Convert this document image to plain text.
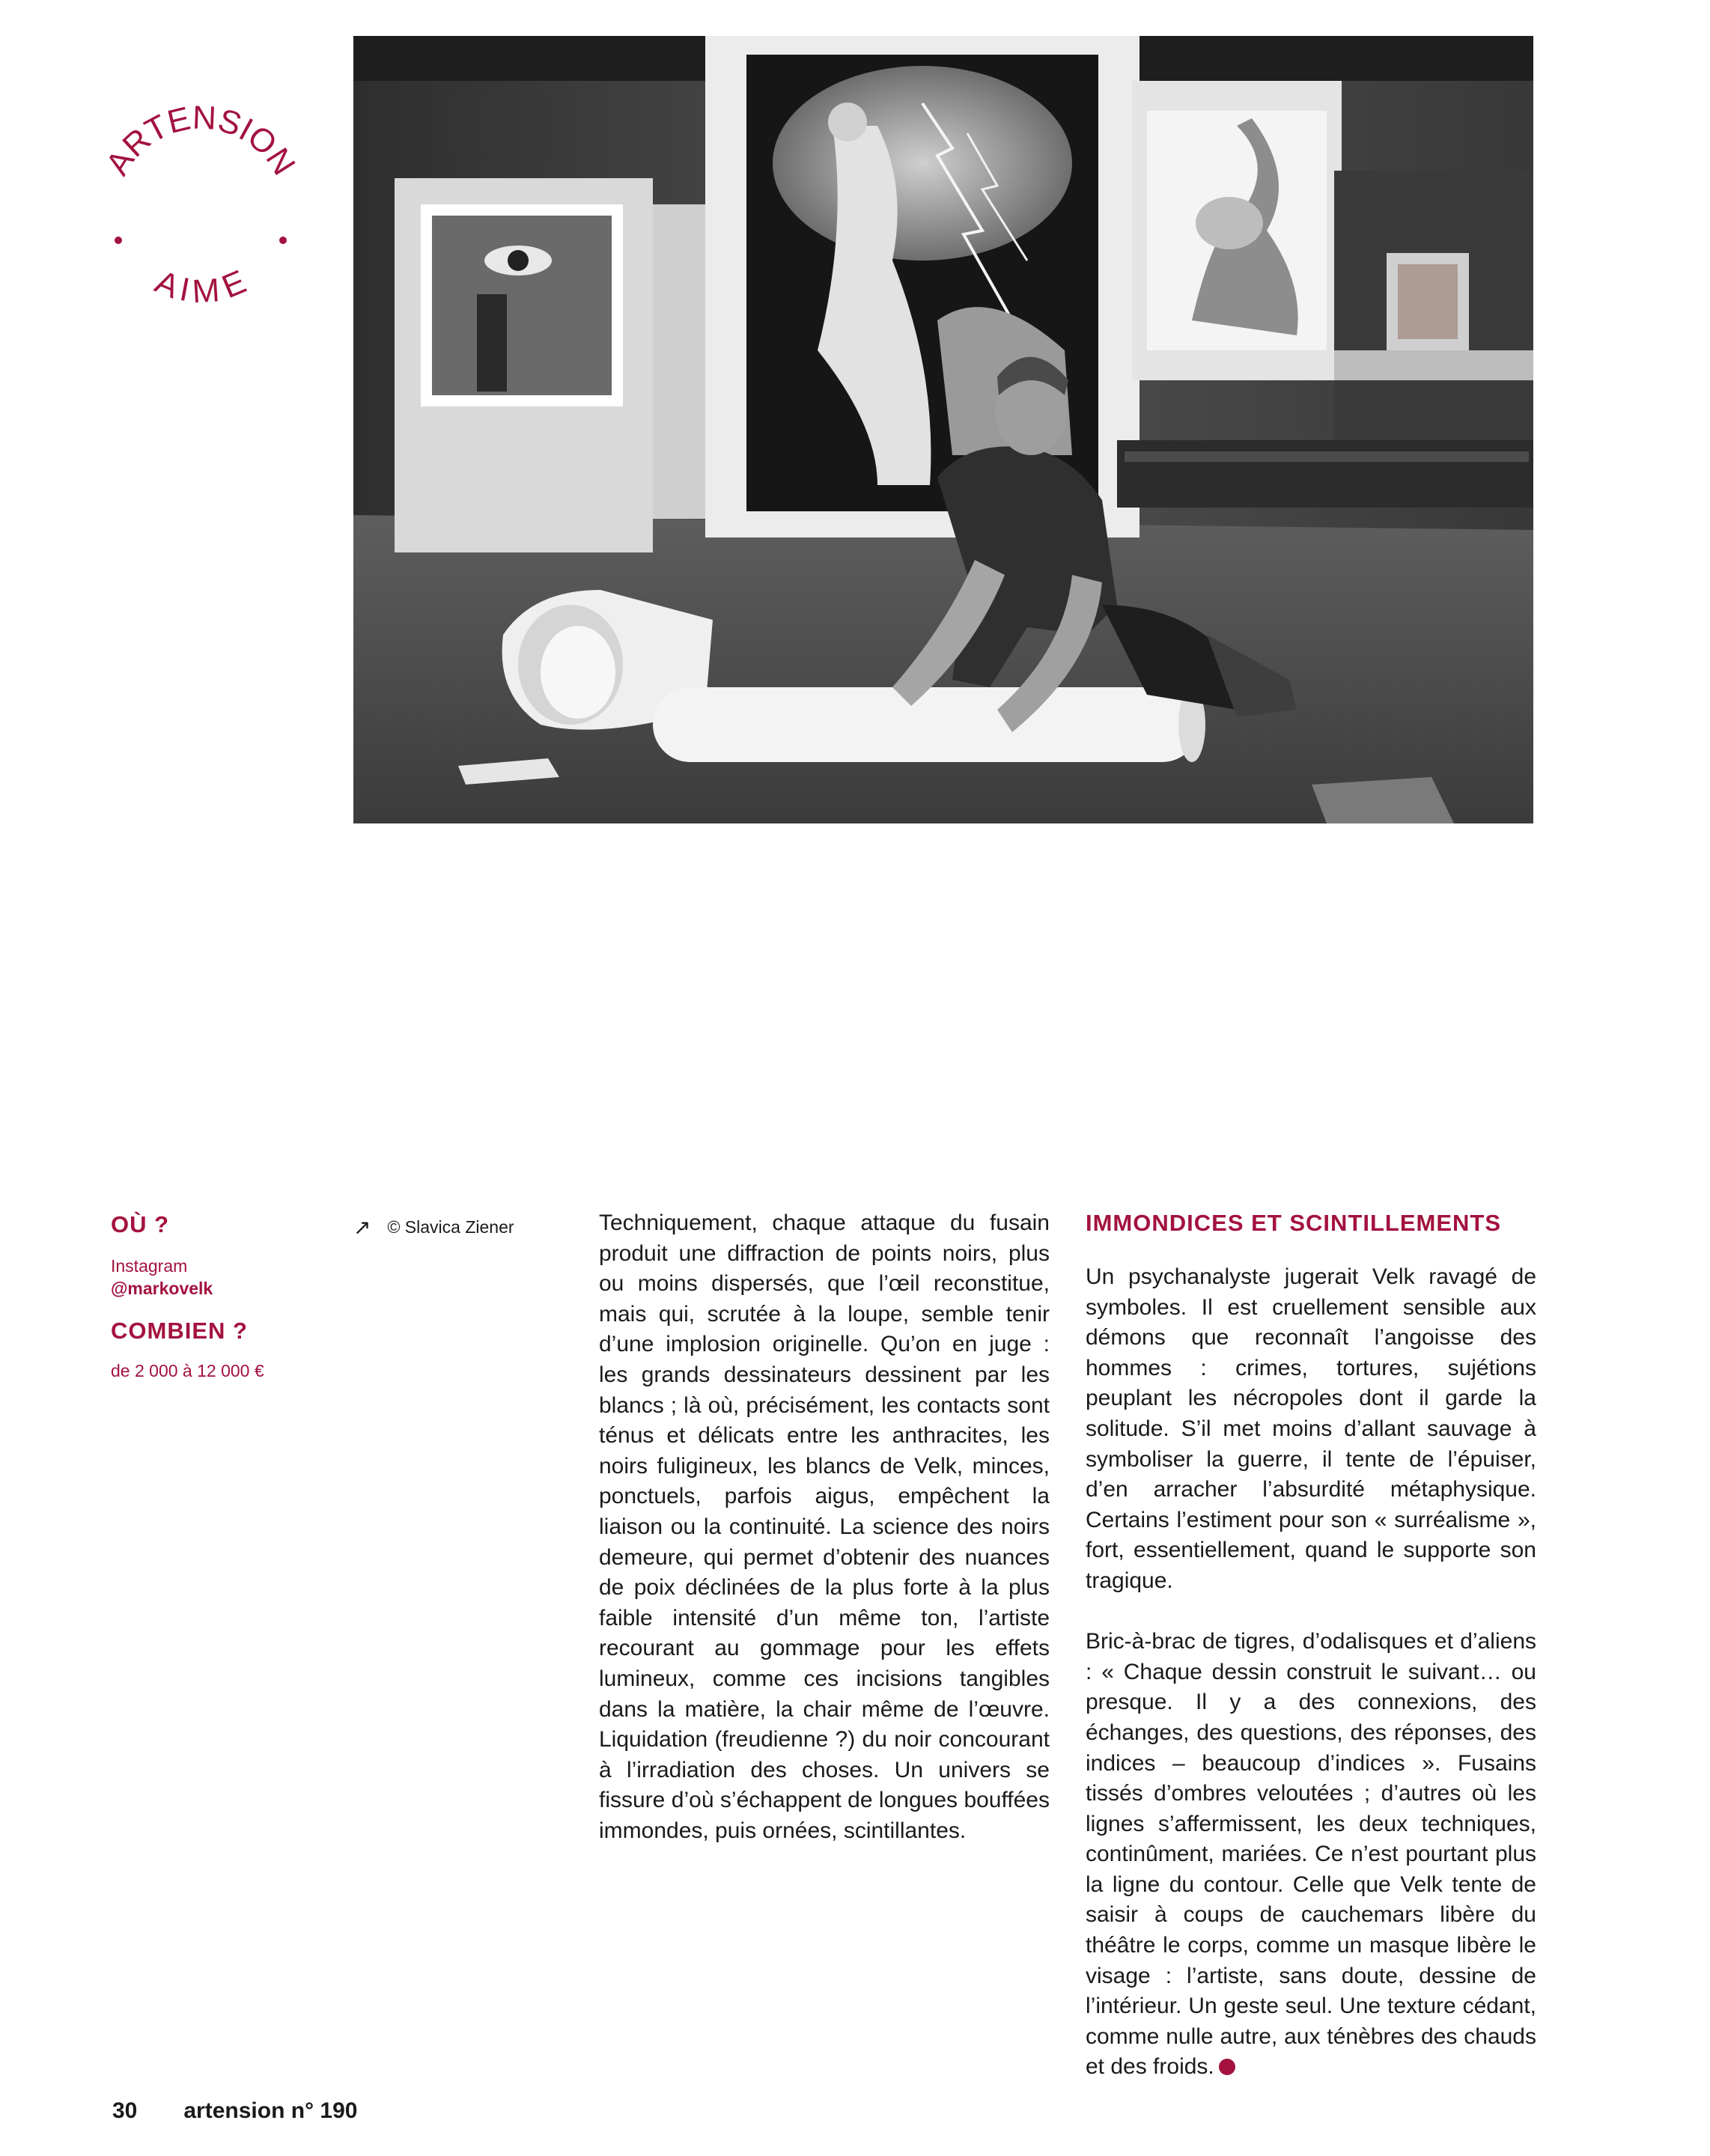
ARTENSION
AIME
OÙ ?

Instagram

@markovelk

COMBIEN ?

de 2 000 à 12 000 €

↗ © Slavica Ziener	Techniquement, chaque attaque du fusain produit une diffraction de points noirs, plus ou moins dispersés, que l’œil reconstitue, mais qui, scrutée à la loupe, semble tenir d’une implosion originelle. Qu’on en juge : les grands dessinateurs dessinent par les blancs ; là où, précisément, les contacts sont ténus et délicats entre les anthracites, les noirs fuligineux, les blancs de Velk, minces, ponctuels, parfois aigus, empêchent la liaison ou la continuité. La science des noirs demeure, qui permet d’obtenir des nuances de poix déclinées de la plus forte à la plus faible intensité d’un même ton, l’artiste recourant au gommage pour les effets lumineux, comme ces incisions tangibles dans la matière, la chair même de l’œuvre. Liquidation (freudienne ?) du noir concourant à l’irradiation des choses. Un univers se fissure d’où s’échappent de longues bouffées immondes, puis ornées, scintillantes.

IMMONDICES ET SCINTILLEMENTS

Un psychanalyste jugerait Velk ravagé de symboles. Il est cruellement sensible aux démons que reconnaît l’angoisse des hommes : crimes, tortures, sujétions peuplant les nécropoles dont il garde la solitude. S’il met moins d’allant sauvage à symboliser la guerre, il tente de l’épuiser, d’en arracher l’absurdité métaphysique. Certains l’estiment pour son « surréalisme », fort, essentiellement, quand le supporte son tragique.

Bric-à-brac de tigres, d’odalisques et d’aliens : « Chaque dessin construit le suivant… ou presque. Il y a des connexions, des échanges, des questions, des réponses, des indices – beaucoup d’indices ». Fusains tissés d’ombres veloutées ; d’autres où les lignes s’affermissent, les deux techniques, continûment, mariées. Ce n’est pourtant plus la ligne du contour. Celle que Velk tente de saisir à coups de cauchemars libère du théâtre le corps, comme un masque libère le visage : l’artiste, sans doute, dessine de l’intérieur. Un geste seul. Une texture cédant, comme nulle autre, aux ténèbres des chauds et des froids.

30 artension n° 190
